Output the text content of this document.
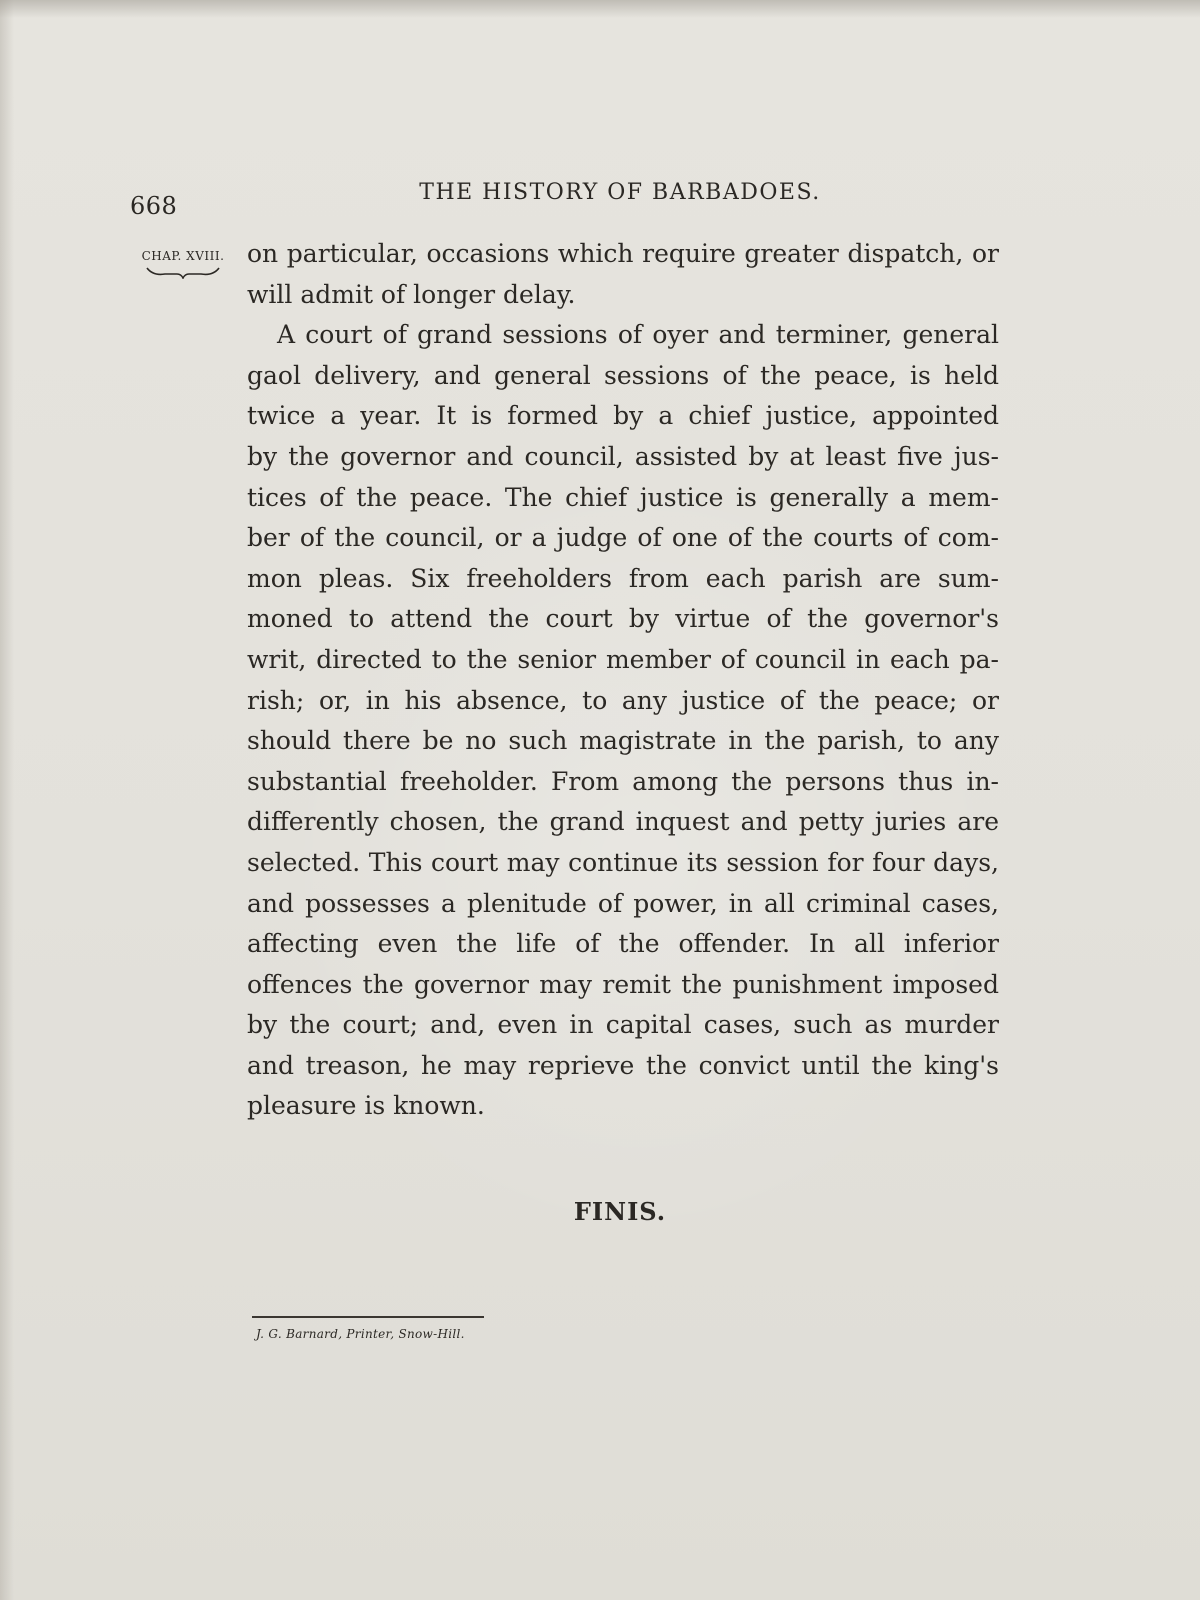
668	THE HISTORY OF BARBADOES.
CHAP. XVIII. on particular, occasions which require greater dispatch, or
will admit of longer delay.
A court of grand sessions of oyer and terminer, general
gaol delivery, and general sessions of the peace, is held
twice a year. It is formed by a chief justice, appointed
by the governor and council, assisted by at least five jus-
tices of the peace. The chief justice is generally a mem-
ber of the council, or a judge of one of the courts of com-
mon pleas. Six freeholders from each parish are sum-
moned to attend the court by virtue of the governor's
writ, directed to the senior member of council in each pa-
rish; or, in his absence, to any justice of the peace; or
should there be no such magistrate in the parish, to any
substantial freeholder. From among the persons thus in-
differently chosen, the grand inquest and petty juries are
selected. This court may continue its session for four days,
and possesses a plenitude of power, in all criminal cases,
affecting even the life of the offender. In all inferior
offences the governor may remit the punishment imposed
by the court; and, even in capital cases, such as murder
and treason, he may reprieve the convict until the king's
pleasure is known.
FINIS.
J. G. Barnard, Printer, Snow-Hill.
